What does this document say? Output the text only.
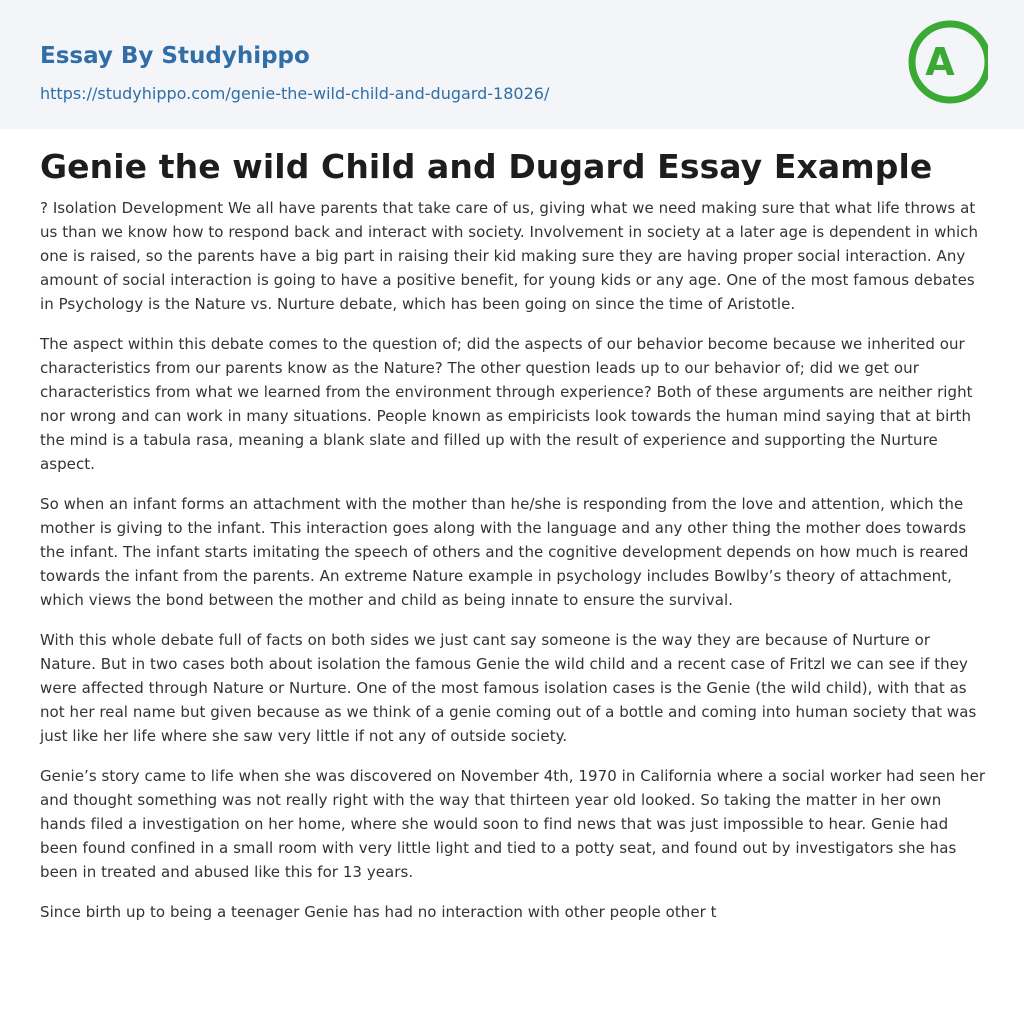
Essay By Studyhippo
https://studyhippo.com/genie-the-wild-child-and-dugard-18026/
A
Genie the wild Child and Dugard Essay Example

? Isolation Development We all have parents that take care of us, giving what we need making sure that what life throws at us than we know how to respond back and interact with society. Involvement in society at a later age is dependent in which one is raised, so the parents have a big part in raising their kid making sure they are having proper social interaction. Any amount of social interaction is going to have a positive benefit, for young kids or any age. One of the most famous debates in Psychology is the Nature vs. Nurture debate, which has been going on since the time of Aristotle.

The aspect within this debate comes to the question of; did the aspects of our behavior become because we inherited our characteristics from our parents know as the Nature? The other question leads up to our behavior of; did we get our characteristics from what we learned from the environment through experience? Both of these arguments are neither right nor wrong and can work in many situations. People known as empiricists look towards the human mind saying that at birth the mind is a tabula rasa, meaning a blank slate and filled up with the result of experience and supporting the Nurture aspect.

So when an infant forms an attachment with the mother than he/she is responding from the love and attention, which the mother is giving to the infant. This interaction goes along with the language and any other thing the mother does towards the infant. The infant starts imitating the speech of others and the cognitive development depends on how much is reared towards the infant from the parents. An extreme Nature example in psychology includes Bowlby’s theory of attachment, which views the bond between the mother and child as being innate to ensure the survival.

With this whole debate full of facts on both sides we just cant say someone is the way they are because of Nurture or Nature. But in two cases both about isolation the famous Genie the wild child and a recent case of Fritzl we can see if they were affected through Nature or Nurture. One of the most famous isolation cases is the Genie (the wild child), with that as not her real name but given because as we think of a genie coming out of a bottle and coming into human society that was just like her life where she saw very little if not any of outside society.

Genie’s story came to life when she was discovered on November 4th, 1970 in California where a social worker had seen her and thought something was not really right with the way that thirteen year old looked. So taking the matter in her own hands filed a investigation on her home, where she would soon to find news that was just impossible to hear. Genie had been found confined in a small room with very little light and tied to a potty seat, and found out by investigators she has been in treated and abused like this for 13 years.

Since birth up to being a teenager Genie has had no interaction with other people other t
